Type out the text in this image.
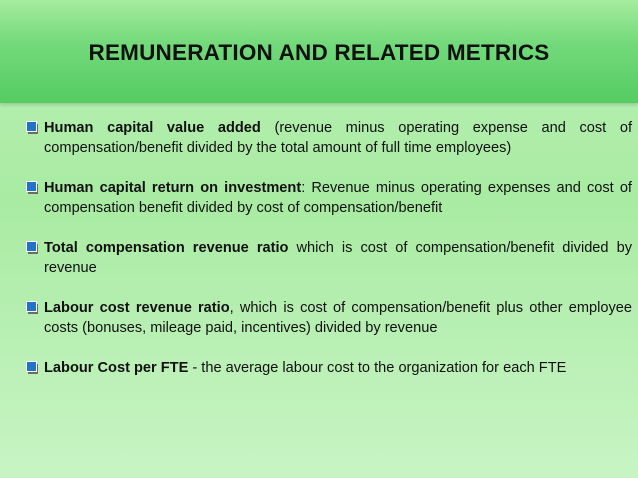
REMUNERATION AND RELATED METRICS
Human capital value added (revenue minus operating expense and cost of compensation/benefit divided by the total amount of full time employees)
Human capital return on investment: Revenue minus operating expenses and cost of compensation benefit divided by cost of compensation/benefit
Total compensation revenue ratio which is cost of compensation/benefit divided by revenue
Labour cost revenue ratio, which is cost of compensation/benefit plus other employee costs (bonuses, mileage paid, incentives) divided by revenue
Labour Cost per FTE - the average labour cost to the organization for each FTE
